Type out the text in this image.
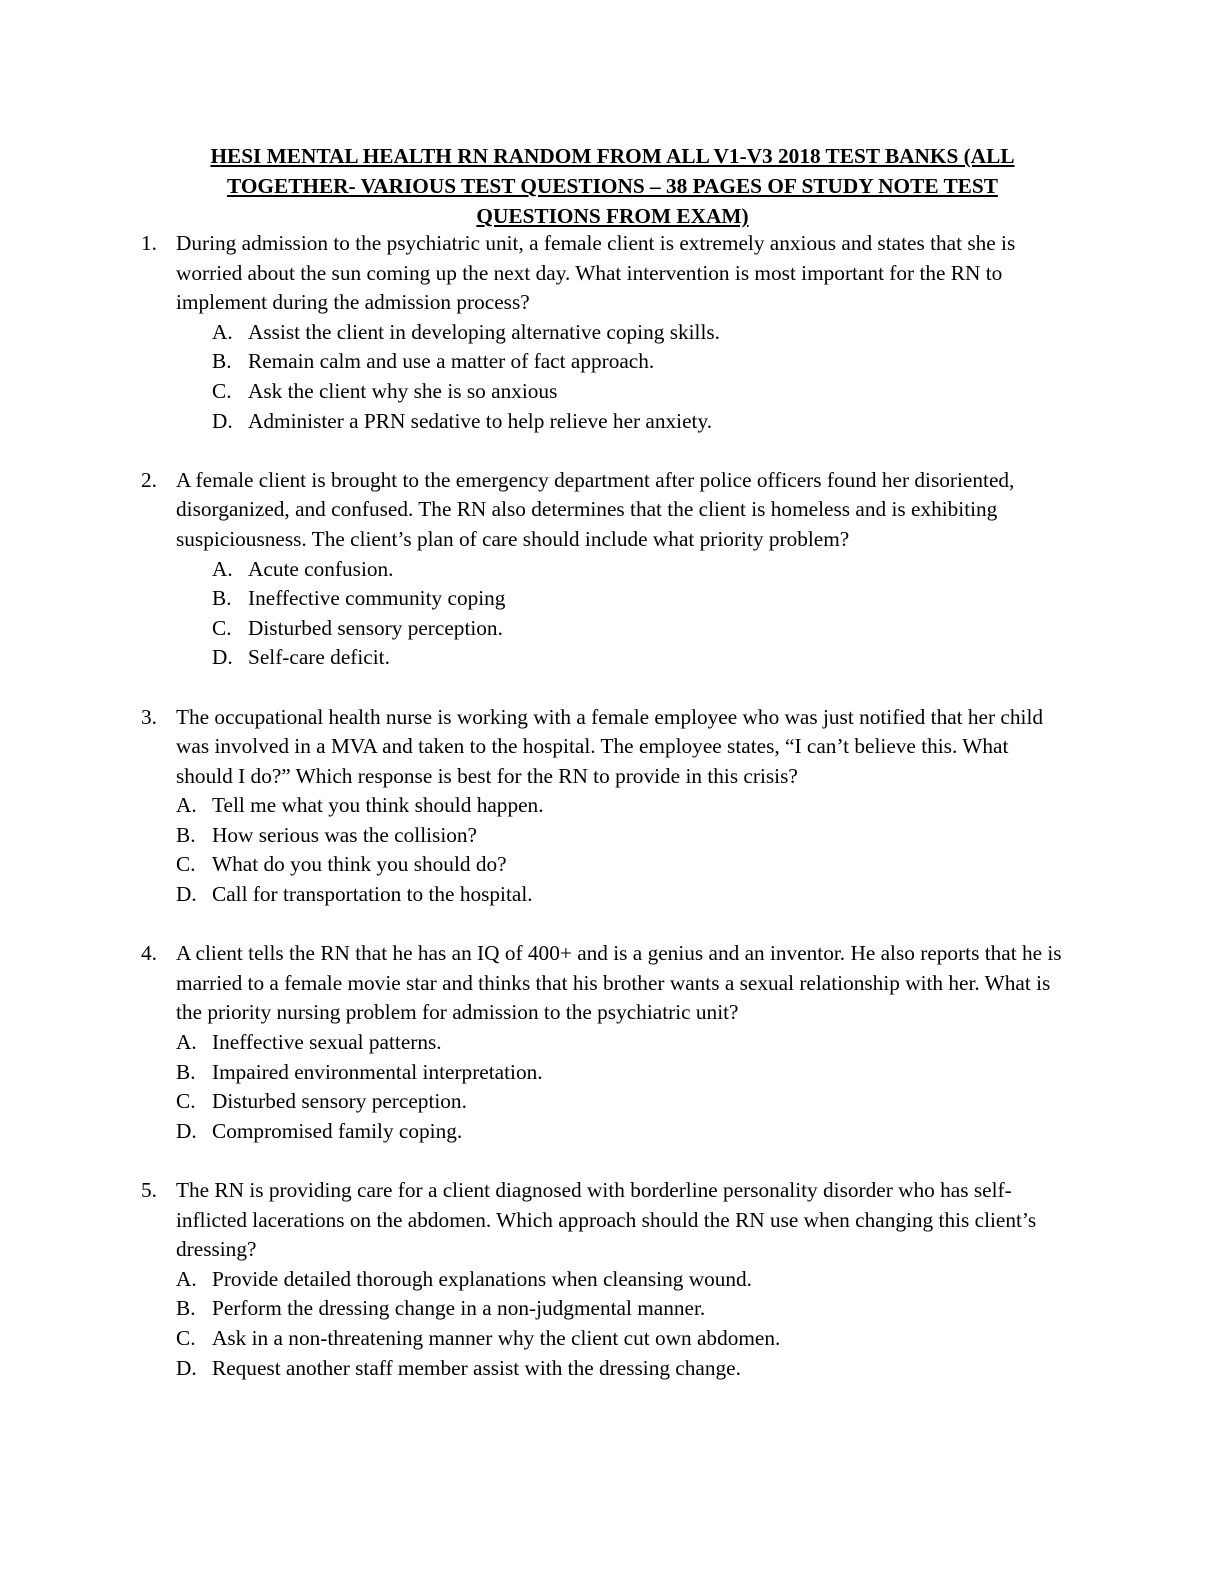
HESI MENTAL HEALTH RN RANDOM FROM ALL V1-V3 2018 TEST BANKS (ALL
TOGETHER- VARIOUS TEST QUESTIONS – 38 PAGES OF STUDY NOTE TEST
QUESTIONS FROM EXAM)
1. During admission to the psychiatric unit, a female client is extremely anxious and states that she is worried about the sun coming up the next day. What intervention is most important for the RN to implement during the admission process?
A. Assist the client in developing alternative coping skills.
B. Remain calm and use a matter of fact approach.
C. Ask the client why she is so anxious
D. Administer a PRN sedative to help relieve her anxiety.
2. A female client is brought to the emergency department after police officers found her disoriented, disorganized, and confused. The RN also determines that the client is homeless and is exhibiting suspiciousness. The client’s plan of care should include what priority problem?
A. Acute confusion.
B. Ineffective community coping
C. Disturbed sensory perception.
D. Self-care deficit.
3. The occupational health nurse is working with a female employee who was just notified that her child was involved in a MVA and taken to the hospital. The employee states, “I can’t believe this. What should I do?” Which response is best for the RN to provide in this crisis?
A. Tell me what you think should happen.
B. How serious was the collision?
C. What do you think you should do?
D. Call for transportation to the hospital.
4. A client tells the RN that he has an IQ of 400+ and is a genius and an inventor. He also reports that he is married to a female movie star and thinks that his brother wants a sexual relationship with her. What is the priority nursing problem for admission to the psychiatric unit?
A. Ineffective sexual patterns.
B. Impaired environmental interpretation.
C. Disturbed sensory perception.
D. Compromised family coping.
5. The RN is providing care for a client diagnosed with borderline personality disorder who has self-inflicted lacerations on the abdomen. Which approach should the RN use when changing this client’s dressing?
A. Provide detailed thorough explanations when cleansing wound.
B. Perform the dressing change in a non-judgmental manner.
C. Ask in a non-threatening manner why the client cut own abdomen.
D. Request another staff member assist with the dressing change.
